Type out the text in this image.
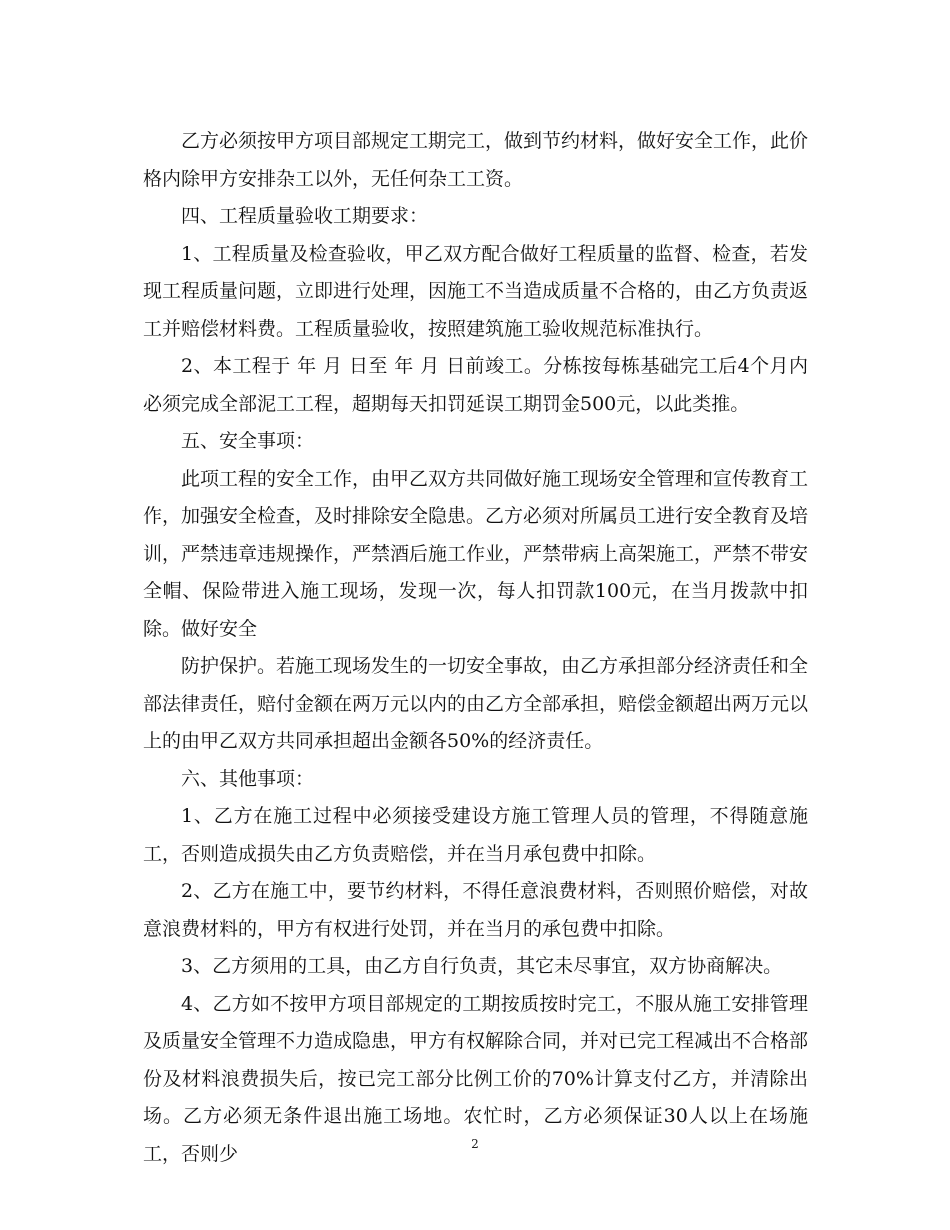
乙方必须按甲方项目部规定工期完工，做到节约材料，做好安全工作，此价格内除甲方安排杂工以外，无任何杂工工资。

四、工程质量验收工期要求：

1、工程质量及检查验收，甲乙双方配合做好工程质量的监督、检查，若发现工程质量问题，立即进行处理，因施工不当造成质量不合格的，由乙方负责返工并赔偿材料费。工程质量验收，按照建筑施工验收规范标准执行。

2、本工程于 年 月 日至 年 月 日前竣工。分栋按每栋基础完工后4个月内必须完成全部泥工工程，超期每天扣罚延误工期罚金500元，以此类推。

五、安全事项：

此项工程的安全工作，由甲乙双方共同做好施工现场安全管理和宣传教育工作，加强安全检查，及时排除安全隐患。乙方必须对所属员工进行安全教育及培训，严禁违章违规操作，严禁酒后施工作业，严禁带病上高架施工，严禁不带安全帽、保险带进入施工现场，发现一次，每人扣罚款100元，在当月拨款中扣除。做好安全

防护保护。若施工现场发生的一切安全事故，由乙方承担部分经济责任和全部法律责任，赔付金额在两万元以内的由乙方全部承担，赔偿金额超出两万元以上的由甲乙双方共同承担超出金额各50%的经济责任。

六、其他事项：

1、乙方在施工过程中必须接受建设方施工管理人员的管理，不得随意施工，否则造成损失由乙方负责赔偿，并在当月承包费中扣除。

2、乙方在施工中，要节约材料，不得任意浪费材料，否则照价赔偿，对故意浪费材料的，甲方有权进行处罚，并在当月的承包费中扣除。

3、乙方须用的工具，由乙方自行负责，其它未尽事宜，双方协商解决。

4、乙方如不按甲方项目部规定的工期按质按时完工，不服从施工安排管理及质量安全管理不力造成隐患，甲方有权解除合同，并对已完工程减出不合格部份及材料浪费损失后，按已完工部分比例工价的70%计算支付乙方，并清除出场。乙方必须无条件退出施工场地。农忙时，乙方必须保证30人以上在场施工，否则少	2
